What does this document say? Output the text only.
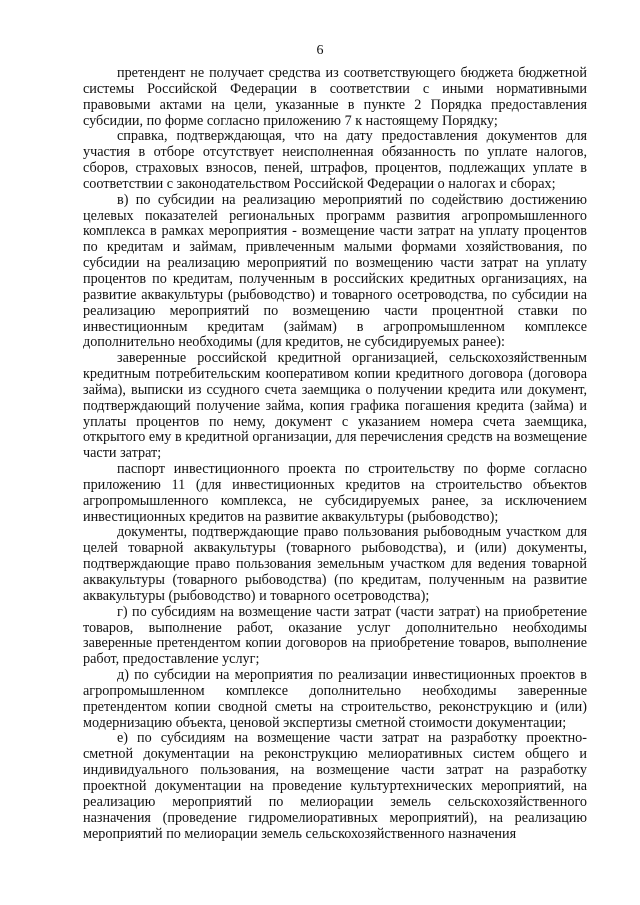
6

претендент не получает средства из соответствующего бюджета бюджетной системы Российской Федерации в соответствии с иными нормативными правовыми актами на цели, указанные в пункте 2 Порядка предоставления субсидии, по форме согласно приложению 7 к настоящему Порядку;

справка, подтверждающая, что на дату предоставления документов для участия в отборе отсутствует неисполненная обязанность по уплате налогов, сборов, страховых взносов, пеней, штрафов, процентов, подлежащих уплате в соответствии с законодательством Российской Федерации о налогах и сборах;

в) по субсидии на реализацию мероприятий по содействию достижению целевых показателей региональных программ развития агропромышленного комплекса в рамках мероприятия - возмещение части затрат на уплату процентов по кредитам и займам, привлеченным малыми формами хозяйствования, по субсидии на реализацию мероприятий по возмещению части затрат на уплату процентов по кредитам, полученным в российских кредитных организациях, на развитие аквакультуры (рыбоводство) и товарного осетроводства, по субсидии на реализацию мероприятий по возмещению части процентной ставки по инвестиционным кредитам (займам) в агропромышленном комплексе дополнительно необходимы (для кредитов, не субсидируемых ранее):

заверенные российской кредитной организацией, сельскохозяйственным кредитным потребительским кооперативом копии кредитного договора (договора займа), выписки из ссудного счета заемщика о получении кредита или документ, подтверждающий получение займа, копия графика погашения кредита (займа) и уплаты процентов по нему, документ с указанием номера счета заемщика, открытого ему в кредитной организации, для перечисления средств на возмещение части затрат;

паспорт инвестиционного проекта по строительству по форме согласно приложению 11 (для инвестиционных кредитов на строительство объектов агропромышленного комплекса, не субсидируемых ранее, за исключением инвестиционных кредитов на развитие аквакультуры (рыбоводство);

документы, подтверждающие право пользования рыбоводным участком для целей товарной аквакультуры (товарного рыбоводства), и (или) документы, подтверждающие право пользования земельным участком для ведения товарной аквакультуры (товарного рыбоводства) (по кредитам, полученным на развитие аквакультуры (рыбоводство) и товарного осетроводства);

г) по субсидиям на возмещение части затрат (части затрат) на приобретение товаров, выполнение работ, оказание услуг дополнительно необходимы заверенные претендентом копии договоров на приобретение товаров, выполнение работ, предоставление услуг;

д) по субсидии на мероприятия по реализации инвестиционных проектов в агропромышленном комплексе дополнительно необходимы заверенные претендентом копии сводной сметы на строительство, реконструкцию и (или) модернизацию объекта, ценовой экспертизы сметной стоимости документации;

е) по субсидиям на возмещение части затрат на разработку проектно-сметной документации на реконструкцию мелиоративных систем общего и индивидуального пользования, на возмещение части затрат на разработку проектной документации на проведение культуртехнических мероприятий, на реализацию мероприятий по мелиорации земель сельскохозяйственного назначения (проведение гидромелиоративных мероприятий), на реализацию мероприятий по мелиорации земель сельскохозяйственного назначения
